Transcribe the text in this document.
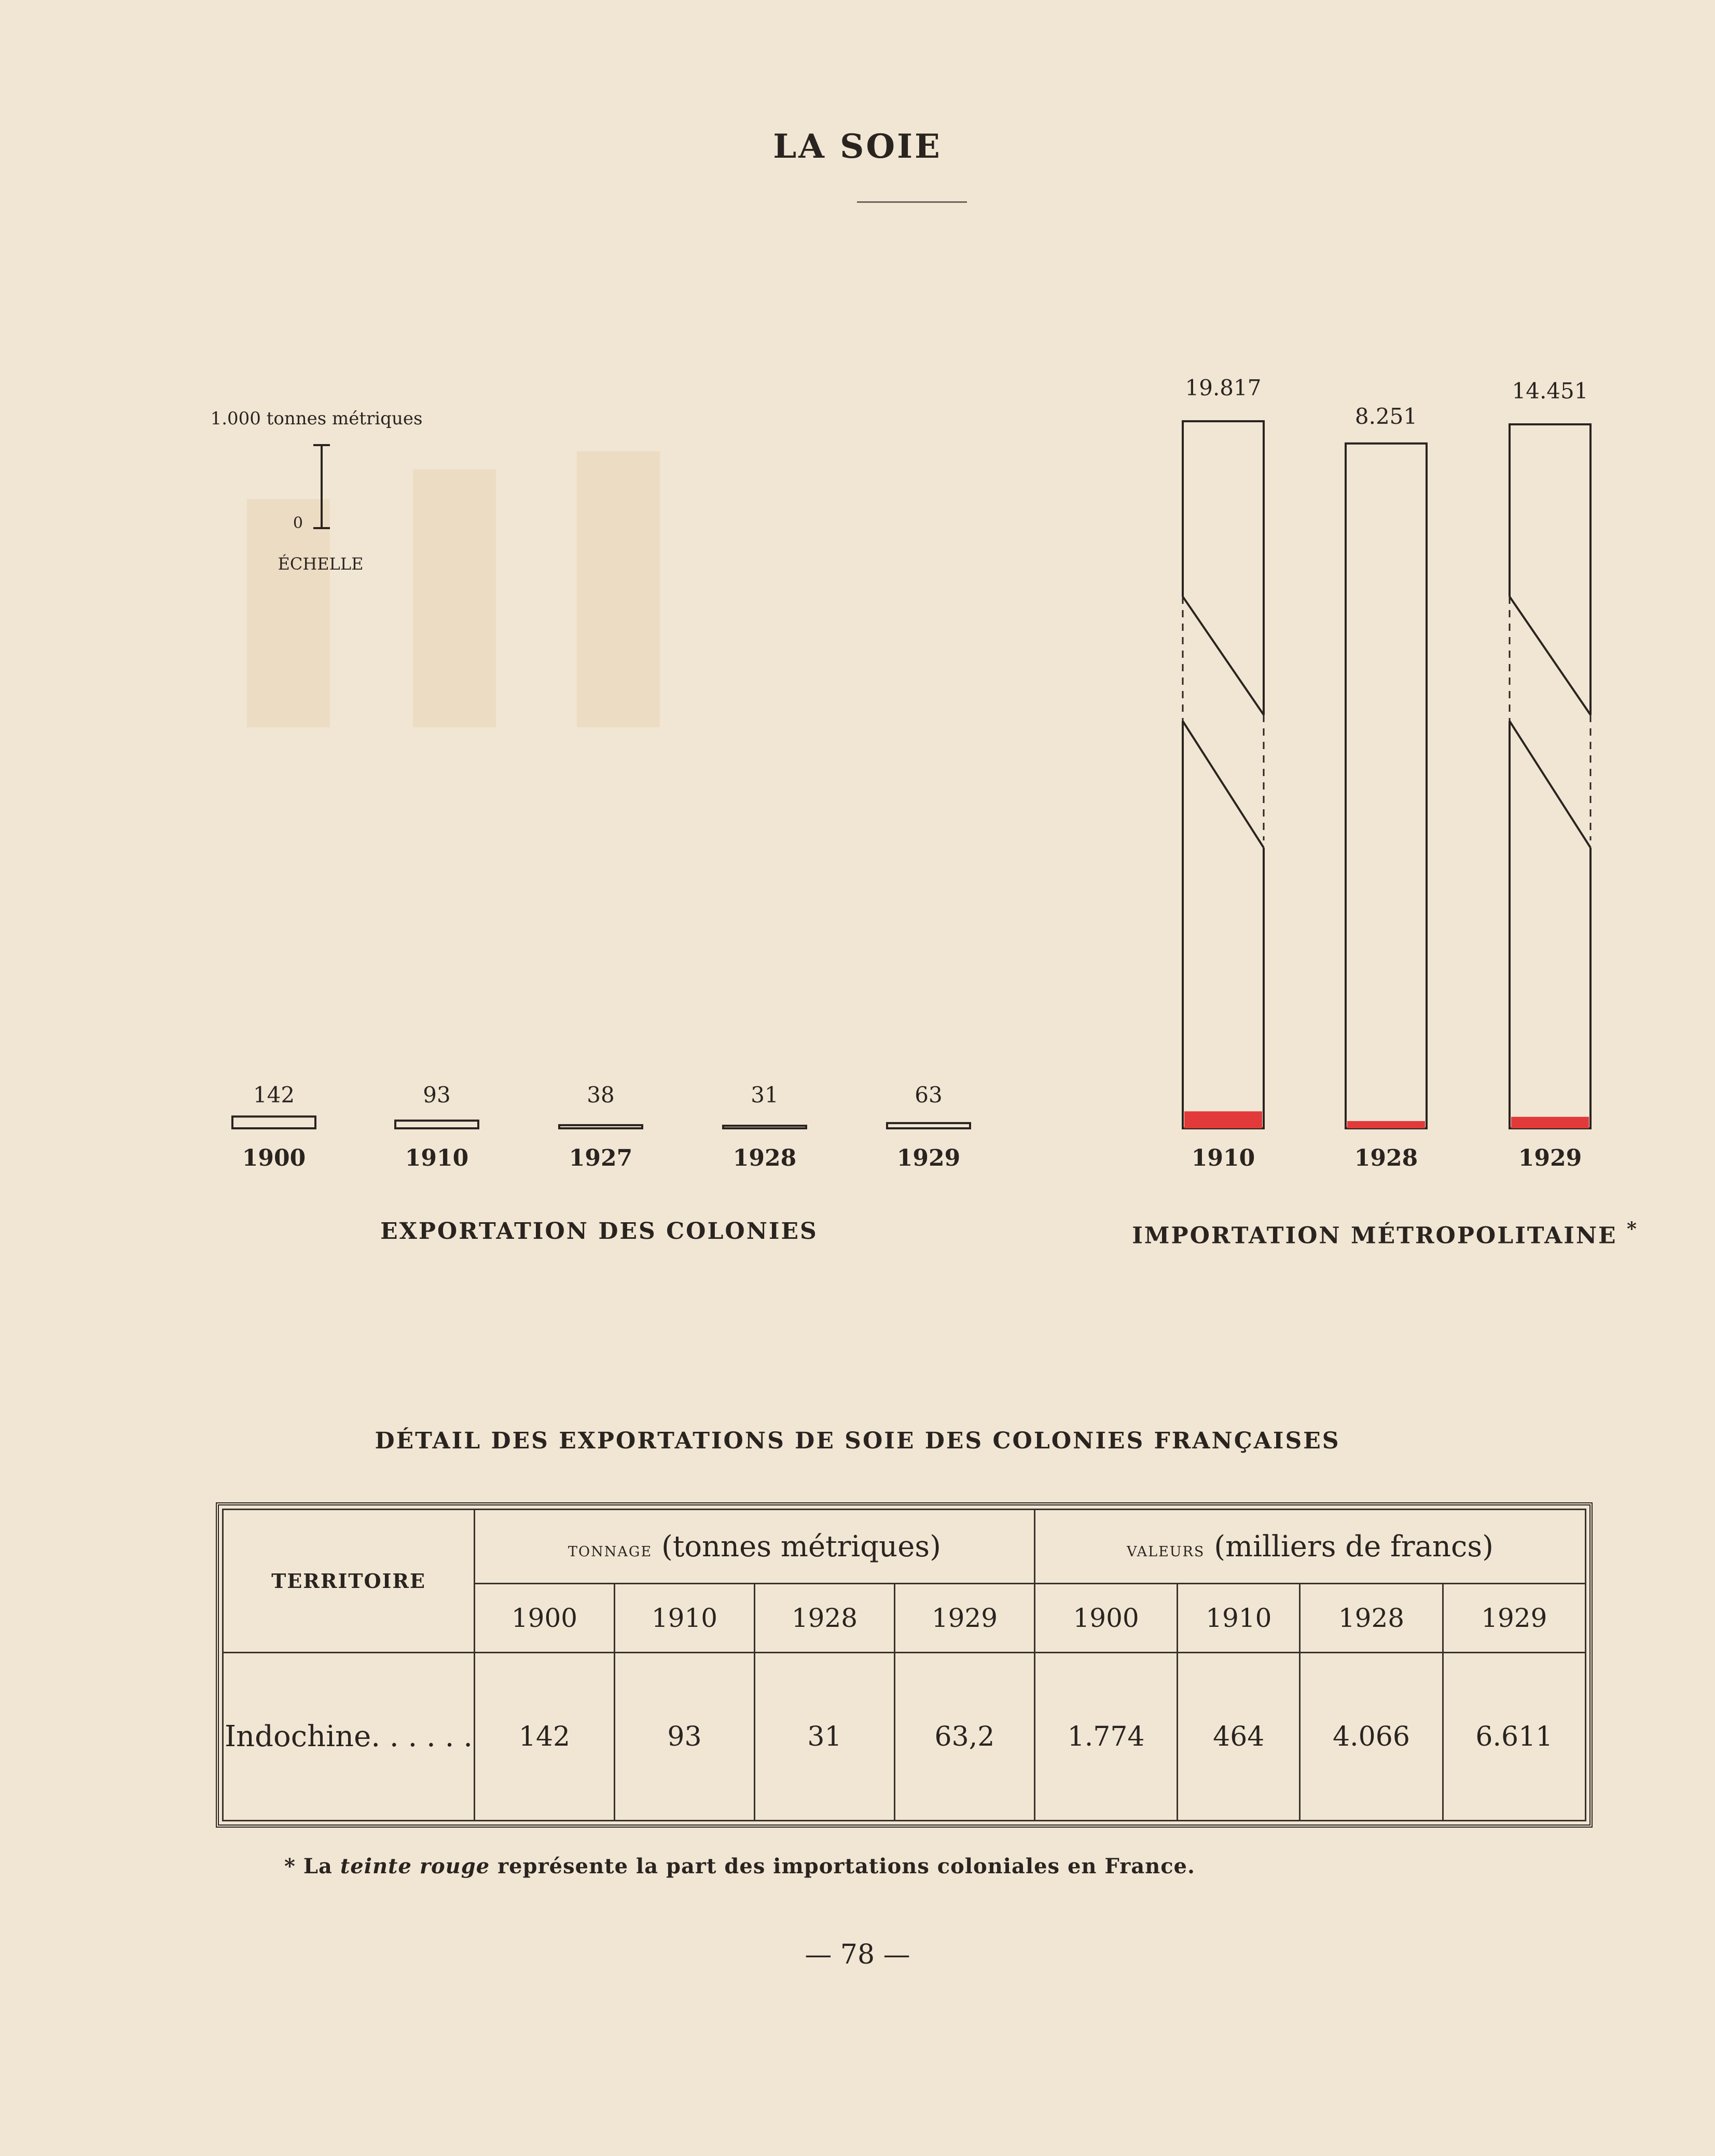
LA SOIE
1.000 tonnes métriques
0
ÉCHELLE
142
1900
93
1910
38
1927
31
1928
63
1929
19.817
1910
8.251
1928
14.451
1929
EXPORTATION DES COLONIES	IMPORTATION MÉTROPOLITAINE *
DÉTAIL DES EXPORTATIONS DE SOIE DES COLONIES FRANÇAISES
TERRITOIRE	tonnage (tonnes métriques)				valeurs (milliers de francs)			
	1900	1910	1928	1929	1900	1910	1928	1929
Indochine. . . . . .	142	93	31	63,2	1.774	464	4.066	6.611
* La teinte rouge représente la part des importations coloniales en France.
— 78 —
